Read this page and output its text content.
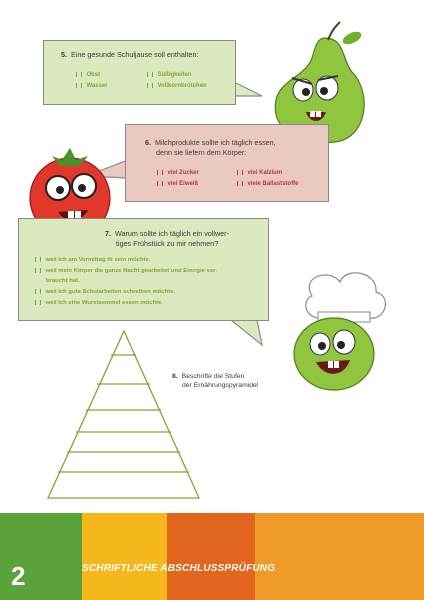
5. Eine gesunde Schuljause soll enthalten:
Obst
Wasser
Süßigkeiten
Vollkornbrötchen
6. Milchprodukte sollte ich täglich essen,
denn sie liefern dem Körper:
viel Zucker
viel Eiweiß
viel Kalzium
viele Ballaststoffe
7. Warum sollte ich täglich ein vollwer-
tiges Frühstück zu mir nehmen?
weil ich am Vormittag fit sein möchte.
weil mein Körper die ganze Nacht gearbeitet und Energie ver-
braucht hat.
weil ich gute Schularbeiten schreiben möchte.
weil ich eine Wurstsemmel essen möchte.
8. Beschrifte die Stufen
der Ernährungspyramide!
2	SCHRIFTLICHE ABSCHLUSSPRÜFUNG
